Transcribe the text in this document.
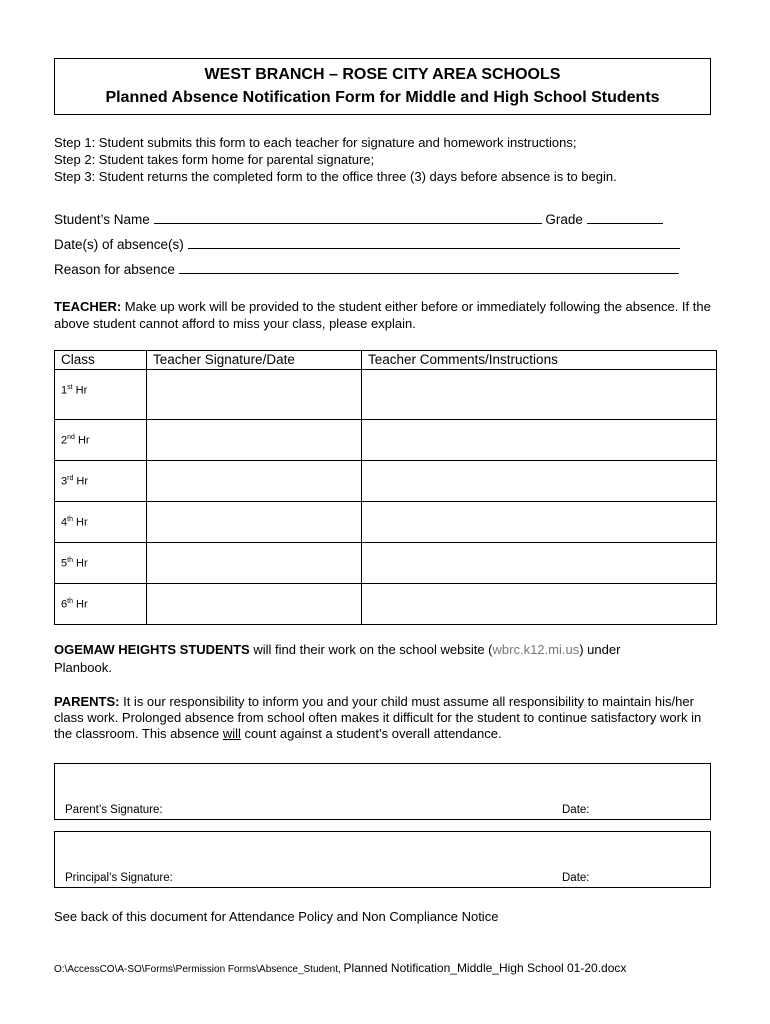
WEST BRANCH – ROSE CITY AREA SCHOOLS
Planned Absence Notification Form for Middle and High School Students
Step 1: Student submits this form to each teacher for signature and homework instructions;
Step 2: Student takes form home for parental signature;
Step 3: Student returns the completed form to the office three (3) days before absence is to begin.
Student’s Name	Grade
Date(s) of absence(s)
Reason for absence
TEACHER: Make up work will be provided to the student either before or immediately following the absence. If the above student cannot afford to miss your class, please explain.
Class	Teacher Signature/Date	Teacher Comments/Instructions
1st Hr		
2nd Hr		
3rd Hr		
4th Hr		
5th Hr		
6th Hr		
OGEMAW HEIGHTS STUDENTS will find their work on the school website (wbrc.k12.mi.us) under
Planbook.
PARENTS: It is our responsibility to inform you and your child must assume all responsibility to maintain his/her class work. Prolonged absence from school often makes it difficult for the student to continue satisfactory work in the classroom. This absence will count against a student’s overall attendance.
Parent’s Signature:	Date:
Principal’s Signature:	Date:
See back of this document for Attendance Policy and Non Compliance Notice
O:\AccessCO\A-SO\Forms\Permission Forms\Absence_Student, Planned Notification_Middle_High School 01-20.docx
